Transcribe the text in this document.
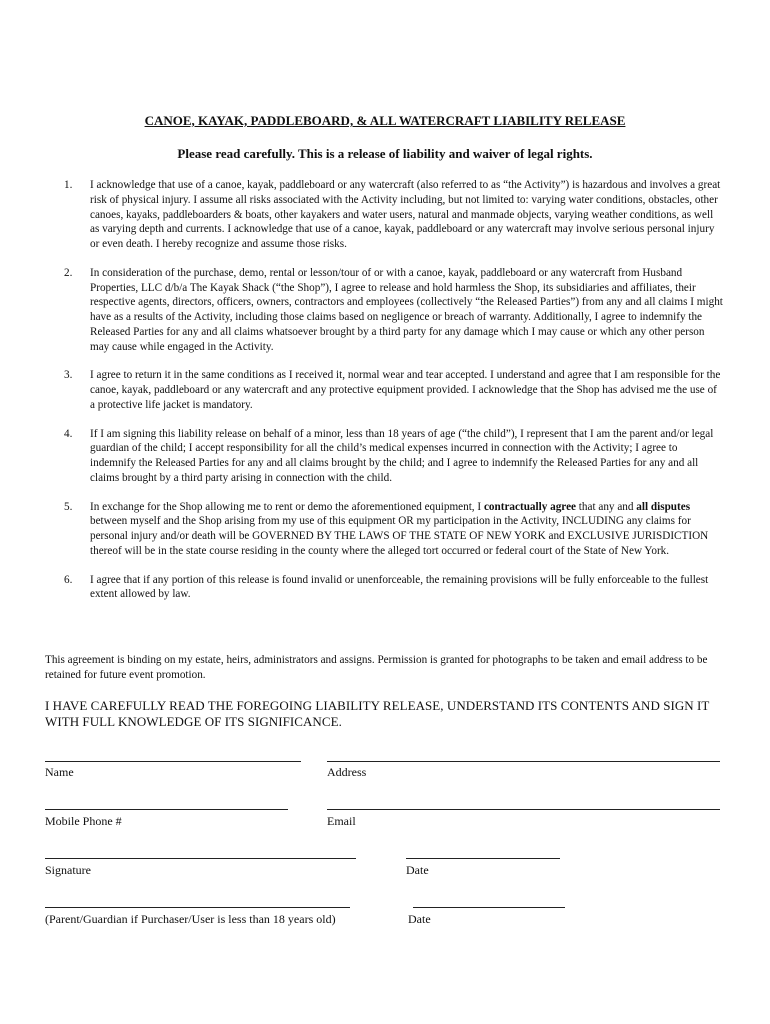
CANOE, KAYAK, PADDLEBOARD, & ALL WATERCRAFT LIABILITY RELEASE
Please read carefully. This is a release of liability and waiver of legal rights.
1.	I acknowledge that use of a canoe, kayak, paddleboard or any watercraft (also referred to as “the Activity”) is hazardous and involves a great risk of physical injury. I assume all risks associated with the Activity including, but not limited to: varying water conditions, obstacles, other canoes, kayaks, paddleboarders & boats, other kayakers and water users, natural and manmade objects, varying weather conditions, as well as varying depth and currents. I acknowledge that use of a canoe, kayak, paddleboard or any watercraft may involve serious personal injury or even death. I hereby recognize and assume those risks.

2.	In consideration of the purchase, demo, rental or lesson/tour of or with a canoe, kayak, paddleboard or any watercraft from Husband Properties, LLC d/b/a The Kayak Shack (“the Shop”), I agree to release and hold harmless the Shop, its subsidiaries and affiliates, their respective agents, directors, officers, owners, contractors and employees (collectively “the Released Parties”) from any and all claims I might have as a results of the Activity, including those claims based on negligence or breach of warranty. Additionally, I agree to indemnify the Released Parties for any and all claims whatsoever brought by a third party for any damage which I may cause or which any other person may cause while engaged in the Activity.

3.	I agree to return it in the same conditions as I received it, normal wear and tear accepted. I understand and agree that I am responsible for the canoe, kayak, paddleboard or any watercraft and any protective equipment provided. I acknowledge that the Shop has advised me the use of a protective life jacket is mandatory.

4.	If I am signing this liability release on behalf of a minor, less than 18 years of age (“the child”), I represent that I am the parent and/or legal guardian of the child; I accept responsibility for all the child’s medical expenses incurred in connection with the Activity; I agree to indemnify the Released Parties for any and all claims brought by the child; and I agree to indemnify the Released Parties for any and all claims brought by a third party arising in connection with the child.

5.	In exchange for the Shop allowing me to rent or demo the aforementioned equipment, I contractually agree that any and all disputes between myself and the Shop arising from my use of this equipment OR my participation in the Activity, INCLUDING any claims for personal injury and/or death will be GOVERNED BY THE LAWS OF THE STATE OF NEW YORK and EXCLUSIVE JURISDICTION thereof will be in the state course residing in the county where the alleged tort occurred or federal court of the State of New York.

6.	I agree that if any portion of this release is found invalid or unenforceable, the remaining provisions will be fully enforceable to the fullest extent allowed by law.

This agreement is binding on my estate, heirs, administrators and assigns. Permission is granted for photographs to be taken and email address to be retained for future event promotion.

I HAVE CAREFULLY READ THE FOREGOING LIABILITY RELEASE, UNDERSTAND ITS CONTENTS AND SIGN IT WITH FULL KNOWLEDGE OF ITS SIGNIFICANCE.

Name	Address
Mobile Phone #	Email
Signature	Date
(Parent/Guardian if Purchaser/User is less than 18 years old)	Date
